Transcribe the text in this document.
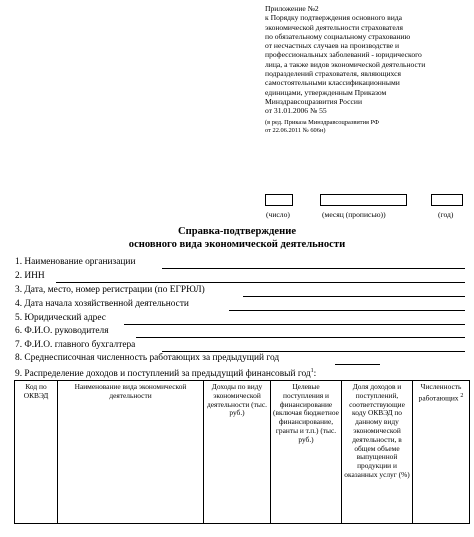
Приложение №2
к Порядку подтверждения основного вида
экономической деятельности страхователя
по обязательному социальному страхованию
от несчастных случаев на производстве и
профессиональных заболеваний - юридического
лица, а также видов экономической деятельности
подразделений страхователя, являющихся
самостоятельными классификационными
единицами, утвержденным Приказом
Минздравсоцразвития России
от 31.01.2006 № 55
(в ред. Приказа Минздравсоцразвития РФ
от 22.06.2011 № 606н)
(число)	(месяц (прописью))	(год)
Справка-подтверждение
основного вида экономической деятельности
1. Наименование организации
2. ИНН
3. Дата, место, номер регистрации (по ЕГРЮЛ)
4. Дата начала хозяйственной деятельности
5. Юридический адрес
6. Ф.И.О. руководителя
7. Ф.И.О. главного бухгалтера
8. Среднесписочная численность работающих за предыдущий год
9. Распределение доходов и поступлений за предыдущий финансовый год$^1$:
Код по ОКВЭД	Наименование вида экономической деятельности	Доходы по виду экономической деятельности (тыс. руб.)	Целевые поступления и финансирование (включая бюджетное финансирование, гранты и т.п.) (тыс. руб.)	Доля доходов и поступлений, соответствующие коду ОКВЭД по данному виду экономической деятельности, в общем объеме выпущенной продукции и оказанных услуг (%)	Численность работающих $^2$
